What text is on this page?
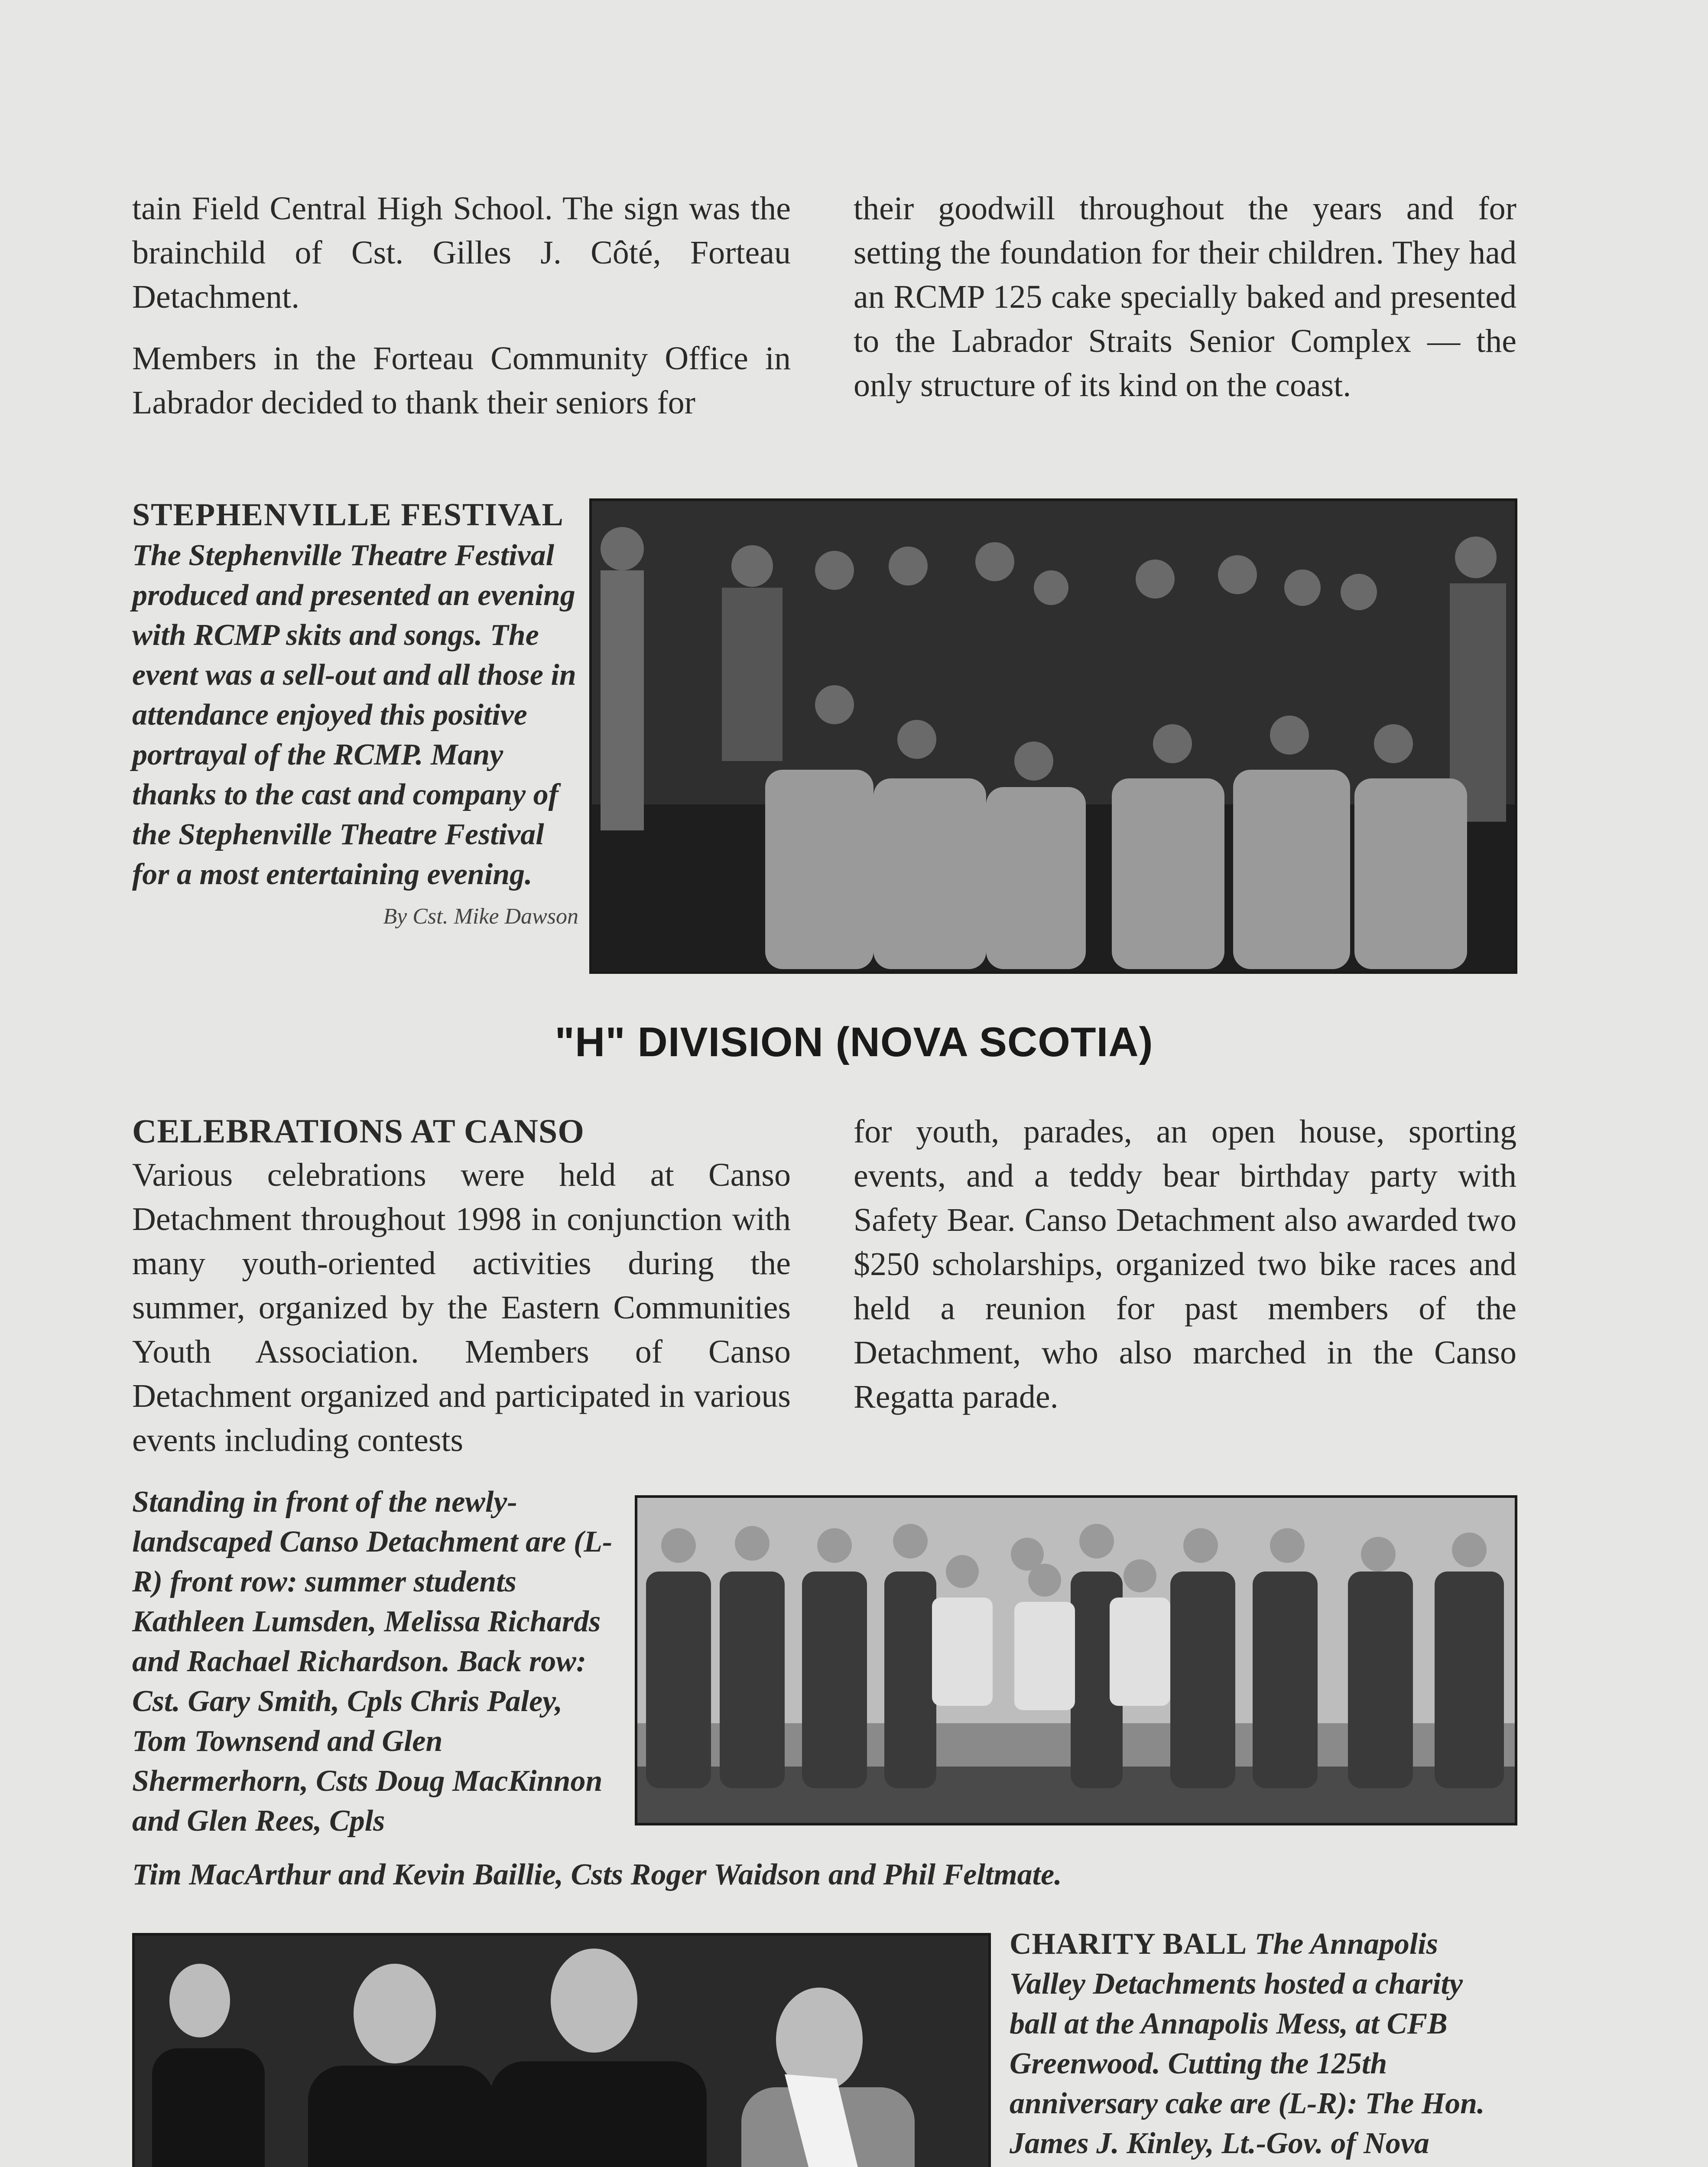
tain Field Central High School. The sign was the brainchild of Cst. Gilles J. Côté, Forteau Detachment.

Members in the Forteau Community Office in Labrador decided to thank their seniors for

their goodwill throughout the years and for setting the foundation for their children. They had an RCMP 125 cake specially baked and presented to the Labrador Straits Senior Complex — the only structure of its kind on the coast.

STEPHENVILLE FESTIVAL
The Stephenville Theatre Festival produced and presented an evening with RCMP skits and songs. The event was a sell-out and all those in attendance enjoyed this positive portrayal of the RCMP. Many thanks to the cast and company of the Stephenville Theatre Festival for a most entertaining evening.
By Cst. Mike Dawson
"H" DIVISION (NOVA SCOTIA)
CELEBRATIONS AT CANSO

Various celebrations were held at Canso Detachment throughout 1998 in conjunction with many youth-oriented activities during the summer, organized by the Eastern Communities Youth Association. Members of Canso Detachment organized and participated in various events including contests

for youth, parades, an open house, sporting events, and a teddy bear birthday party with Safety Bear. Canso Detachment also awarded two $250 scholarships, organized two bike races and held a reunion for past members of the Detachment, who also marched in the Canso Regatta parade.

Standing in front of the newly-landscaped Canso Detachment are (L-R) front row: summer students Kathleen Lumsden, Melissa Richards and Rachael Richardson. Back row: Cst. Gary Smith, Cpls Chris Paley, Tom Townsend and Glen Shermerhorn, Csts Doug MacKinnon and Glen Rees, Cpls
Tim MacArthur and Kevin Baillie, Csts Roger Waidson and Phil Feltmate.
CHARITY BALL The Annapolis Valley Detachments hosted a charity ball at the Annapolis Mess, at CFB Greenwood. Cutting the 125th anniversary cake are (L-R): The Hon. James J. Kinley, Lt.-Gov. of Nova
